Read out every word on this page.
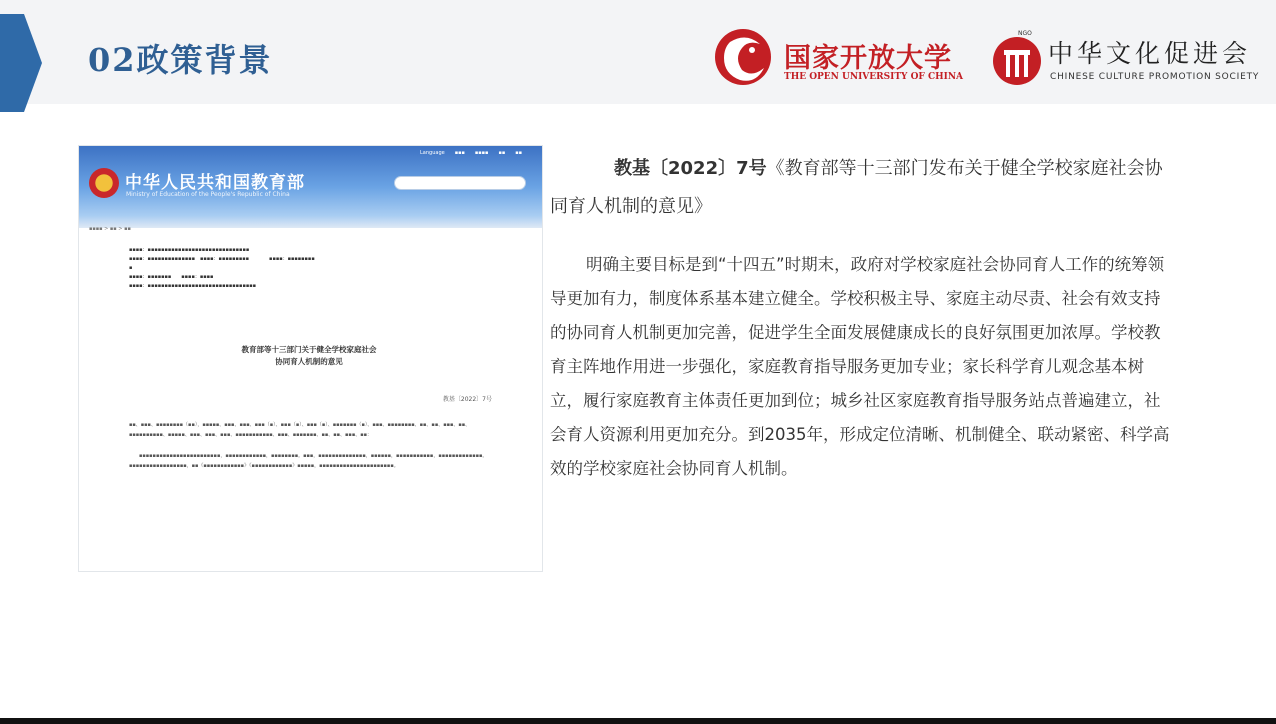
02政策背景	国家开放大学
THE OPEN UNIVERSITY OF CHINA
NGO
中华文化促进会
CHINESE CULTURE PROMOTION SOCIETY
Language ▪▪▪ ▪▪▪▪ ▪▪ ▪▪
中华人民共和国教育部
Ministry of Education of the People's Republic of China
▪▪▪▪ > ▪▪ > ▪▪
▪▪▪▪：▪▪▪▪▪▪▪▪▪▪▪▪▪▪▪▪▪▪▪▪▪▪▪▪▪▪▪▪▪▪
▪▪▪▪：▪▪▪▪▪▪▪▪▪▪▪▪▪▪　▪▪▪▪：▪▪▪▪▪▪▪▪▪　　　　▪▪▪▪：▪▪▪▪▪▪▪▪
▪
▪▪▪▪：▪▪▪▪▪▪▪　　▪▪▪▪：▪▪▪▪
▪▪▪▪：▪▪▪▪▪▪▪▪▪▪▪▪▪▪▪▪▪▪▪▪▪▪▪▪▪▪▪▪▪▪▪▪
教育部等十三部门关于健全学校家庭社会
协同育人机制的意见
教基〔2022〕7号

▪▪、▪▪▪、▪▪▪▪▪▪▪▪（▪▪），▪▪▪▪▪、▪▪▪、▪▪▪、▪▪▪（▪）、▪▪▪（▪）、▪▪▪（▪）、▪▪▪▪▪▪▪（▪）、▪▪▪、▪▪▪▪▪▪▪▪、▪▪、▪▪、▪▪▪、▪▪、▪▪▪▪▪▪▪▪▪▪、▪▪▪▪▪、▪▪▪、▪▪▪、▪▪▪、▪▪▪▪▪▪▪▪▪▪▪、▪▪▪、▪▪▪▪▪▪▪、▪▪、▪▪、▪▪▪、▪▪：

　　▪▪▪▪▪▪▪▪▪▪▪▪▪▪▪▪▪▪▪▪▪▪▪▪，▪▪▪▪▪▪▪▪▪▪▪▪，▪▪▪▪▪▪▪▪。▪▪▪，▪▪▪▪▪▪▪▪▪▪▪▪▪▪，▪▪▪▪▪▪，▪▪▪▪▪▪▪▪▪▪▪，▪▪▪▪▪▪▪▪▪▪▪▪▪。▪▪▪▪▪▪▪▪▪▪▪▪▪▪▪▪▪，▪▪《▪▪▪▪▪▪▪▪▪▪▪▪》《▪▪▪▪▪▪▪▪▪▪▪▪》▪▪▪▪▪，▪▪▪▪▪▪▪▪▪▪▪▪▪▪▪▪▪▪▪▪▪▪。

教基〔2022〕7号《教育部等十三部门发布关于健全学校家庭社会协同育人机制的意见》

明确主要目标是到“十四五”时期末，政府对学校家庭社会协同育人工作的统筹领导更加有力，制度体系基本建立健全。学校积极主导、家庭主动尽责、社会有效支持的协同育人机制更加完善，促进学生全面发展健康成长的良好氛围更加浓厚。学校教育主阵地作用进一步强化，家庭教育指导服务更加专业；家长科学育儿观念基本树立，履行家庭教育主体责任更加到位；城乡社区家庭教育指导服务站点普遍建立，社会育人资源利用更加充分。到2035年，形成定位清晰、机制健全、联动紧密、科学高效的学校家庭社会协同育人机制。
